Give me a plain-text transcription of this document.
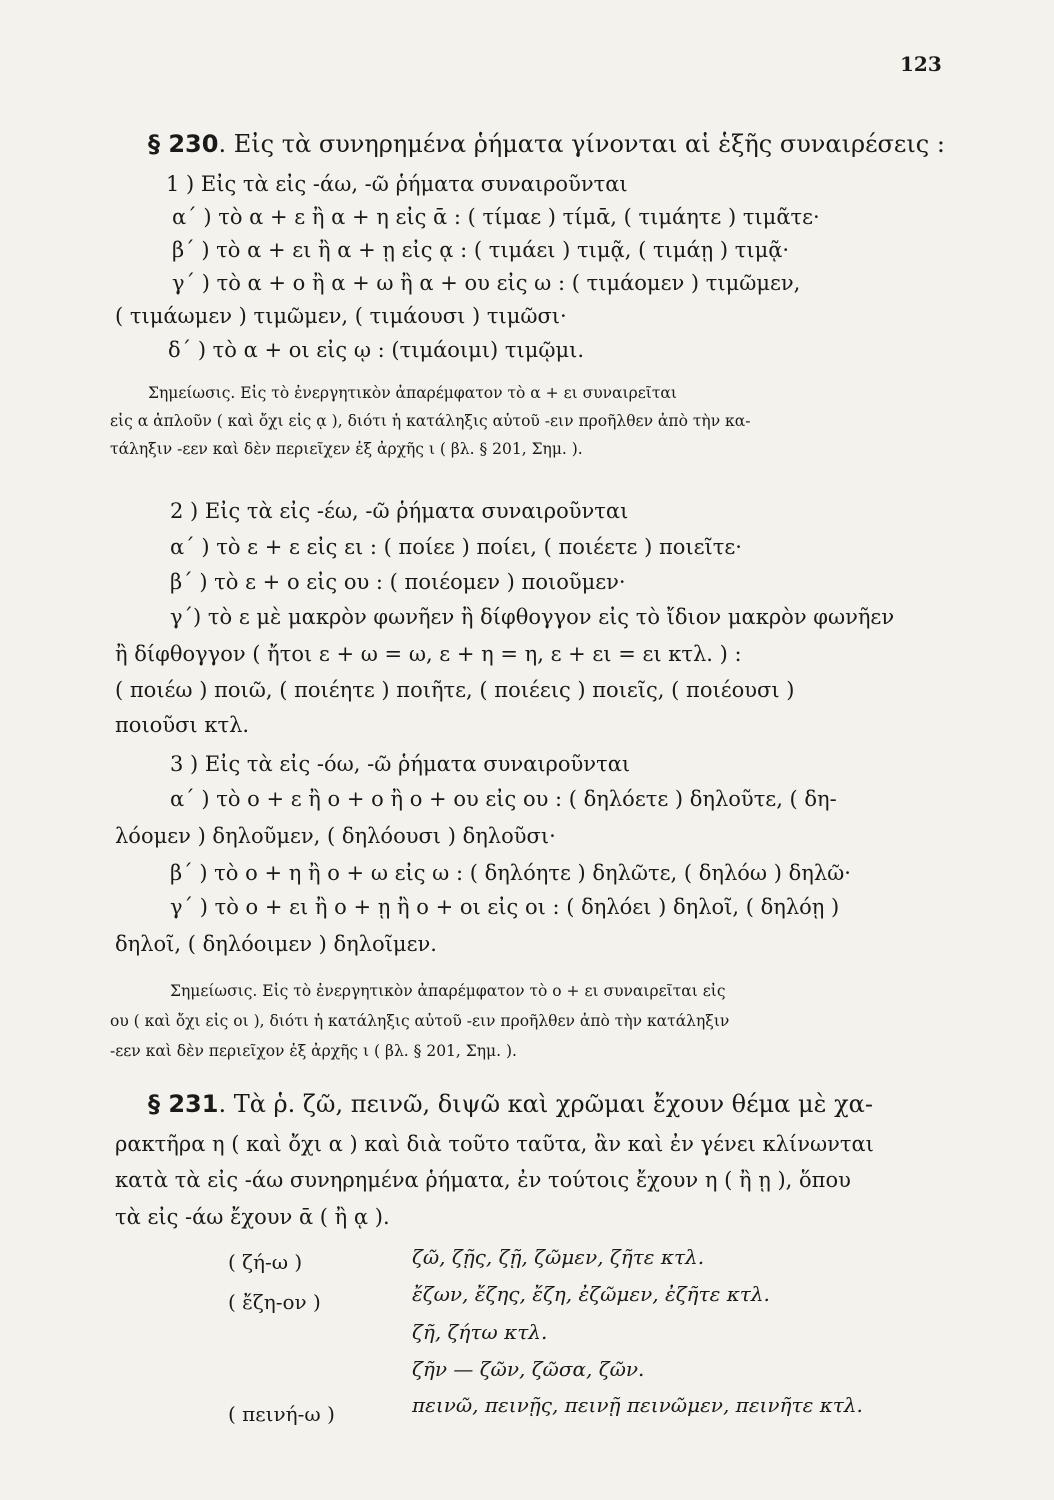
123
§ 230. Εἰς τὰ συνηρημένα ῥήματα γίνονται αἱ ἑξῆς συναιρέσεις :
1 ) Εἰς τὰ εἰς -άω, -ῶ ῥήματα συναιροῦνται
α΄ ) τὸ α + ε ἢ α + η εἰς ᾱ : ( τίμαε ) τίμᾱ, ( τιμάητε ) τιμᾶτε·
β΄ ) τὸ α + ει ἢ α + ῃ εἰς ᾳ : ( τιμάει ) τιμᾷ, ( τιμάῃ ) τιμᾷ·
γ΄ ) τὸ α + ο ἢ α + ω ἢ α + ου εἰς ω : ( τιμάομεν ) τιμῶμεν,
( τιμάωμεν ) τιμῶμεν, ( τιμάουσι ) τιμῶσι·
δ΄ ) τὸ α + οι εἰς ῳ : (τιμάοιμι) τιμῷμι.
Σημείωσις. Εἰς τὸ ἐνεργητικὸν ἀπαρέμφατον τὸ α + ει συναιρεῖται
εἰς α ἁπλοῦν ( καὶ ὄχι εἰς ᾳ ), διότι ἡ κατάληξις αὐτοῦ -ειν προῆλθεν ἀπὸ τὴν κα-
τάληξιν -εεν καὶ δὲν περιεῖχεν ἐξ ἀρχῆς ι ( βλ. § 201, Σημ. ).
2 ) Εἰς τὰ εἰς -έω, -ῶ ῥήματα συναιροῦνται
α΄ ) τὸ ε + ε εἰς ει : ( ποίεε ) ποίει, ( ποιέετε ) ποιεῖτε·
β΄ ) τὸ ε + ο εἰς ου : ( ποιέομεν ) ποιοῦμεν·
γ΄) τὸ ε μὲ μακρὸν φωνῆεν ἢ δίφθογγον εἰς τὸ ἴδιον μακρὸν φωνῆεν
ἢ δίφθογγον ( ἤτοι ε + ω = ω, ε + η = η, ε + ει = ει κτλ. ) :
( ποιέω ) ποιῶ, ( ποιέητε ) ποιῆτε, ( ποιέεις ) ποιεῖς, ( ποιέουσι )
ποιοῦσι κτλ.
3 ) Εἰς τὰ εἰς -όω, -ῶ ῥήματα συναιροῦνται
α΄ ) τὸ ο + ε ἢ ο + ο ἢ ο + ου εἰς ου : ( δηλόετε ) δηλοῦτε, ( δη-
λόομεν ) δηλοῦμεν, ( δηλόουσι ) δηλοῦσι·
β΄ ) τὸ ο + η ἢ ο + ω εἰς ω : ( δηλόητε ) δηλῶτε, ( δηλόω ) δηλῶ·
γ΄ ) τὸ ο + ει ἢ ο + ῃ ἢ ο + οι εἰς οι : ( δηλόει ) δηλοῖ, ( δηλόῃ )
δηλοῖ, ( δηλόοιμεν ) δηλοῖμεν.
Σημείωσις. Εἰς τὸ ἐνεργητικὸν ἀπαρέμφατον τὸ ο + ει συναιρεῖται εἰς
ου ( καὶ ὄχι εἰς οι ), διότι ἡ κατάληξις αὐτοῦ -ειν προῆλθεν ἀπὸ τὴν κατάληξιν
-εεν καὶ δὲν περιεῖχον ἐξ ἀρχῆς ι ( βλ. § 201, Σημ. ).
§ 231. Τὰ ῥ. ζῶ, πεινῶ, διψῶ καὶ χρῶμαι ἔχουν θέμα μὲ χα-
ρακτῆρα η ( καὶ ὄχι α ) καὶ διὰ τοῦτο ταῦτα, ἂν καὶ ἐν γένει κλίνωνται
κατὰ τὰ εἰς -άω συνηρημένα ῥήματα, ἐν τούτοις ἔχουν η ( ἢ ῃ ), ὅπου
τὰ εἰς -άω ἔχουν ᾱ ( ἢ ᾳ ).
( ζή-ω )	ζῶ, ζῇς, ζῇ, ζῶμεν, ζῆτε κτλ.
( ἔζη-ον )	ἔζων, ἔζης, ἔζη, ἐζῶμεν, ἐζῆτε κτλ.
ζῆ, ζήτω κτλ.
ζῆν — ζῶν, ζῶσα, ζῶν.
( πεινή-ω )	πεινῶ, πεινῇς, πεινῇ πεινῶμεν, πεινῆτε κτλ.
